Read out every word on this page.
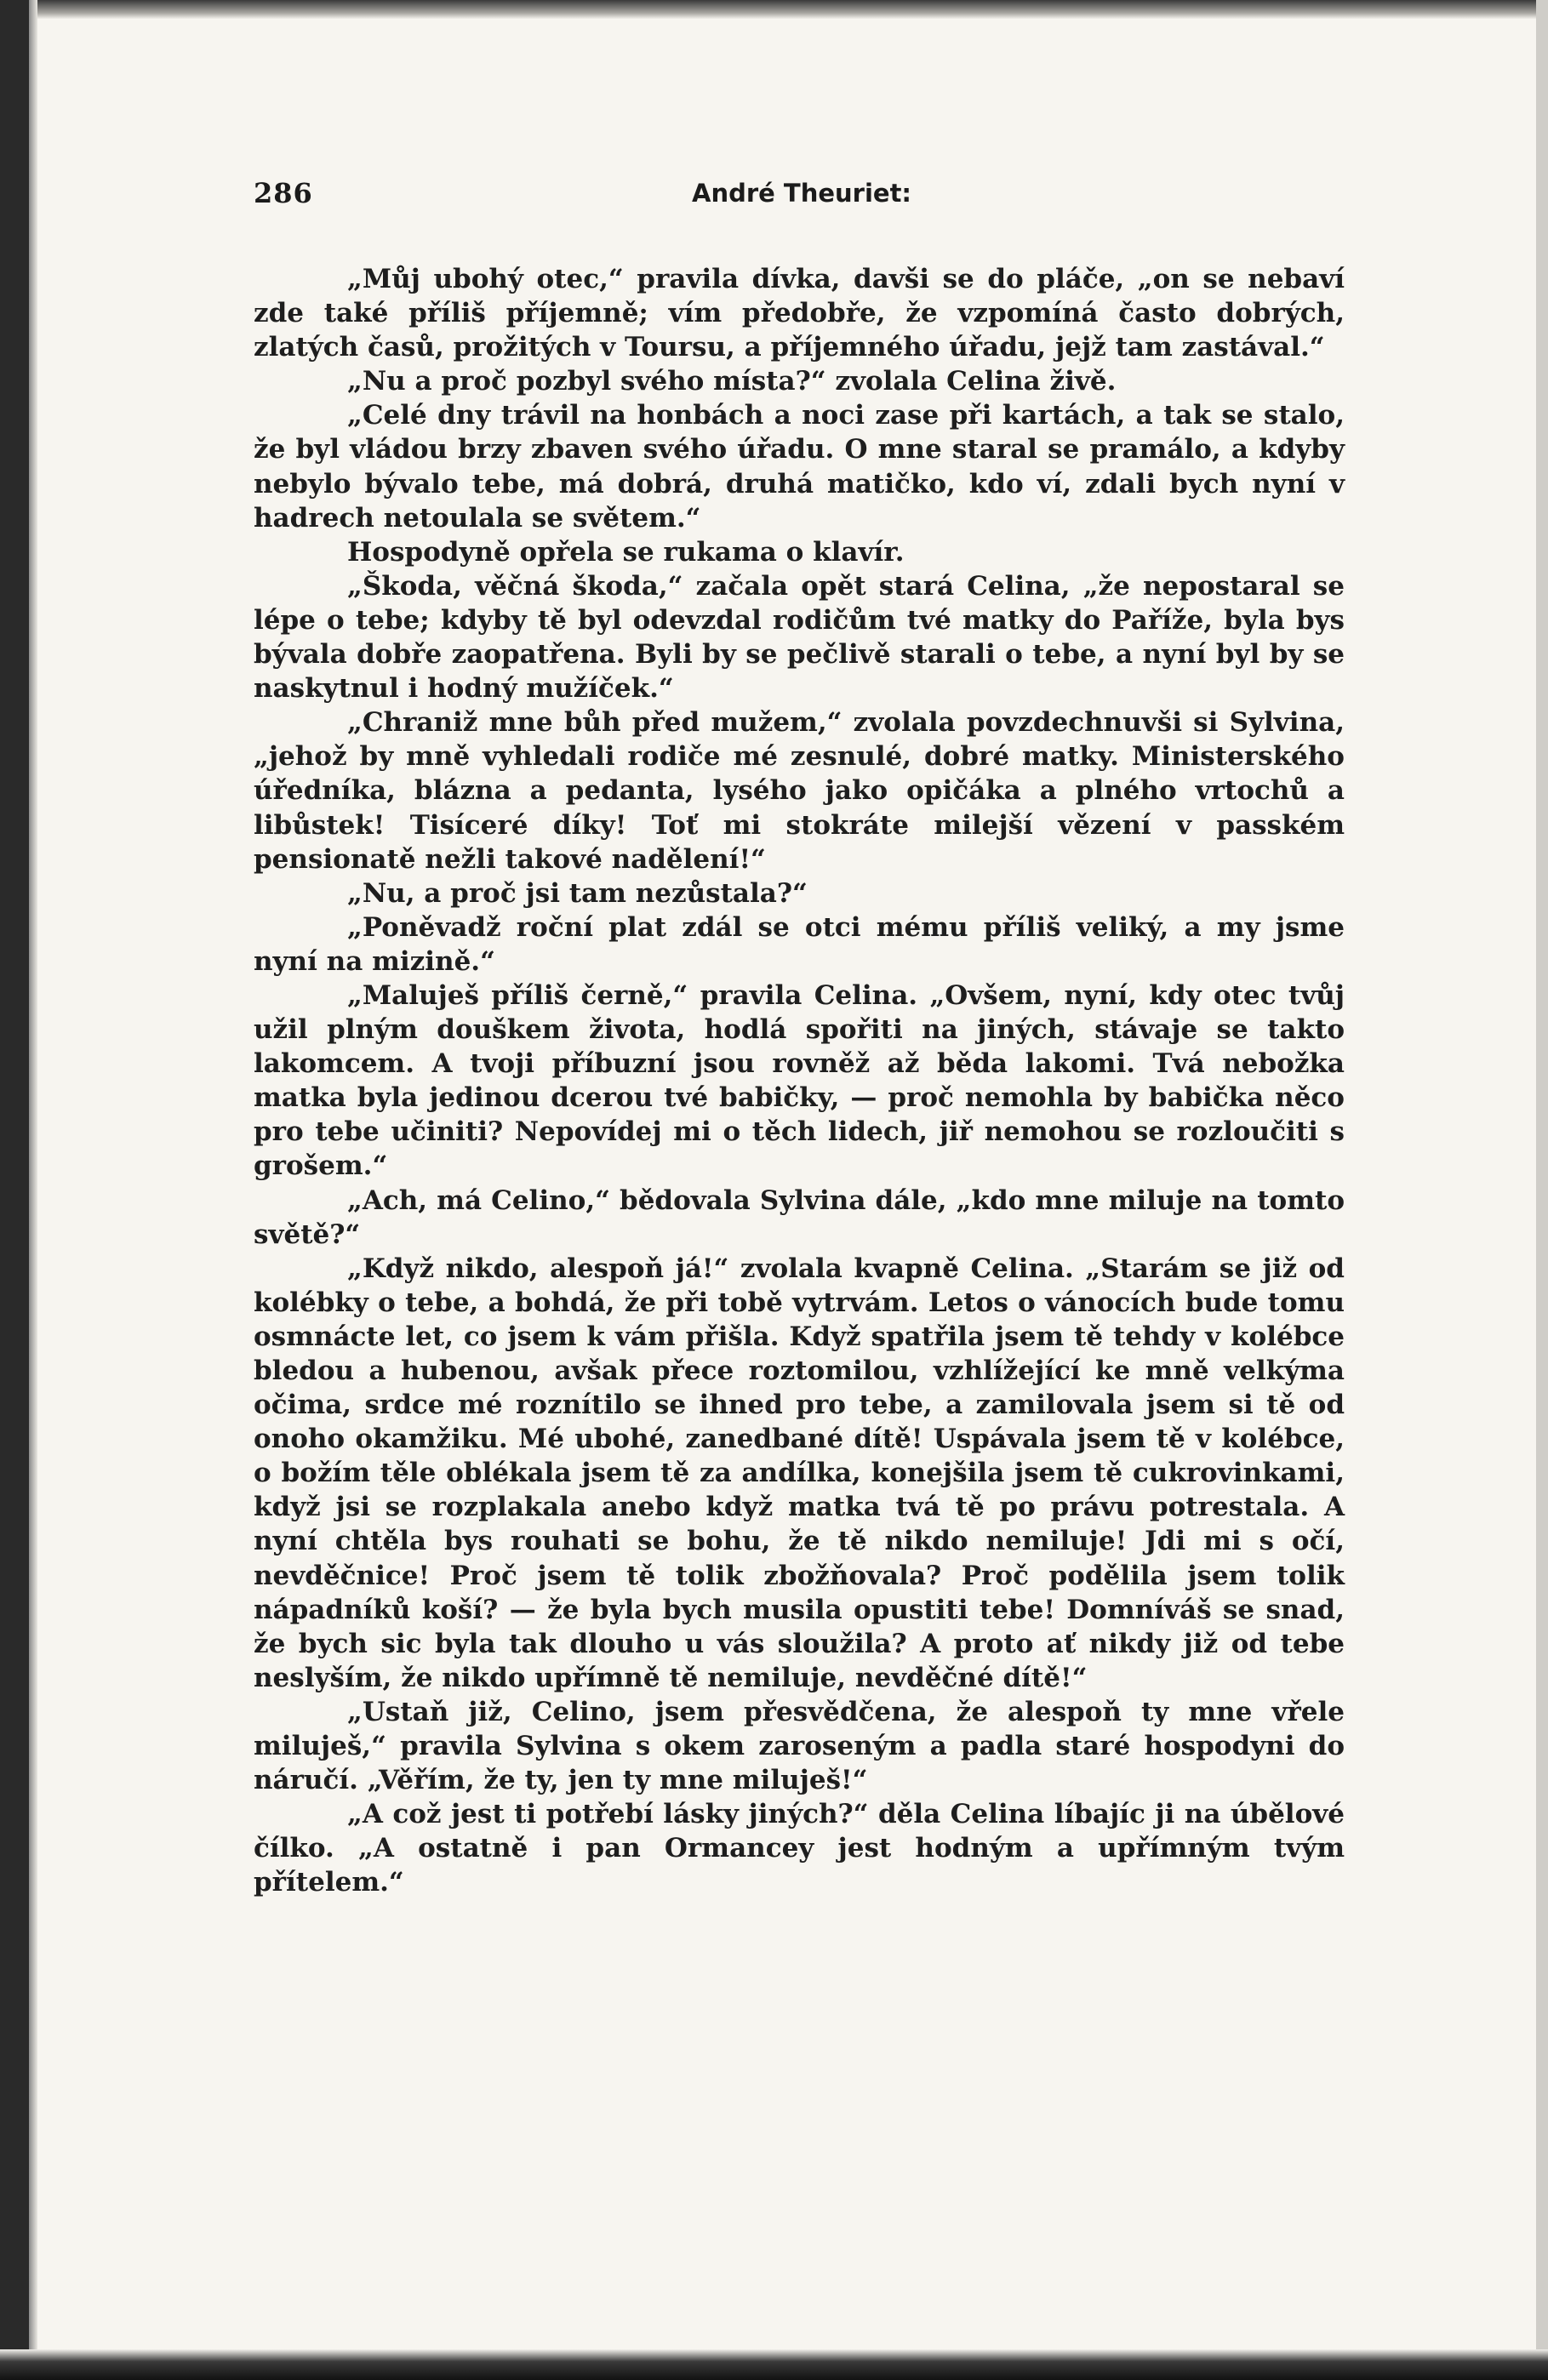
286	André Theuriet:

„Můj ubohý otec,“ pravila dívka, davši se do pláče, „on se nebaví zde také příliš příjemně; vím předobře, že vzpomíná často dobrých, zlatých časů, prožitých v Toursu, a příjemného úřadu, jejž tam zastával.“

„Nu a proč pozbyl svého místa?“ zvolala Celina živě.

„Celé dny trávil na honbách a noci zase při kartách, a tak se stalo, že byl vládou brzy zbaven svého úřadu. O mne staral se pramálo, a kdyby nebylo bývalo tebe, má dobrá, druhá matičko, kdo ví, zdali bych nyní v hadrech netoulala se světem.“

Hospodyně opřela se rukama o klavír.

„Škoda, věčná škoda,“ začala opět stará Celina, „že nepostaral se lépe o tebe; kdyby tě byl odevzdal rodičům tvé matky do Paříže, byla bys bývala dobře zaopatřena. Byli by se pečlivě starali o tebe, a nyní byl by se naskytnul i hodný mužíček.“

„Chraniž mne bůh před mužem,“ zvolala povzdechnuvši si Sylvina, „jehož by mně vyhledali rodiče mé zesnulé, dobré matky. Ministerského úředníka, blázna a pedanta, lysého jako opičáka a plného vrtochů a libůstek! Tisíceré díky! Toť mi stokráte milejší vězení v pasském pensionatě nežli takové nadělení!“

„Nu, a proč jsi tam nezůstala?“

„Poněvadž roční plat zdál se otci mému příliš veliký, a my jsme nyní na mizině.“

„Maluješ příliš černě,“ pravila Celina. „Ovšem, nyní, kdy otec tvůj užil plným douškem života, hodlá spořiti na jiných, stávaje se takto lakomcem. A tvoji příbuzní jsou rovněž až běda lakomi. Tvá nebožka matka byla jedinou dcerou tvé babičky, — proč nemohla by babička něco pro tebe učiniti? Nepovídej mi o těch lidech, jiř nemohou se rozloučiti s grošem.“

„Ach, má Celino,“ bědovala Sylvina dále, „kdo mne miluje na tomto světě?“

„Když nikdo, alespoň já!“ zvolala kvapně Celina. „Starám se již od kolébky o tebe, a bohdá, že při tobě vytrvám. Letos o vánocích bude tomu osmnácte let, co jsem k vám přišla. Když spatřila jsem tě tehdy v kolébce bledou a hubenou, avšak přece roztomilou, vzhlížející ke mně velkýma očima, srdce mé roznítilo se ihned pro tebe, a zamilovala jsem si tě od onoho okamžiku. Mé ubohé, zanedbané dítě! Uspávala jsem tě v kolébce, o božím těle oblékala jsem tě za andílka, konejšila jsem tě cukrovinkami, když jsi se rozplakala anebo když matka tvá tě po právu potrestala. A nyní chtěla bys rouhati se bohu, že tě nikdo nemiluje! Jdi mi s očí, nevděčnice! Proč jsem tě tolik zbožňovala? Proč podělila jsem tolik nápadníků koší? — že byla bych musila opustiti tebe! Domníváš se snad, že bych sic byla tak dlouho u vás sloužila? A proto ať nikdy již od tebe neslyším, že nikdo upřímně tě nemiluje, nevděčné dítě!“

„Ustaň již, Celino, jsem přesvědčena, že alespoň ty mne vřele miluješ,“ pravila Sylvina s okem zaroseným a padla staré hospodyni do náručí. „Věřím, že ty, jen ty mne miluješ!“

„A což jest ti potřebí lásky jiných?“ děla Celina líbajíc ji na úbělové čílko. „A ostatně i pan Ormancey jest hodným a upřímným tvým přítelem.“
